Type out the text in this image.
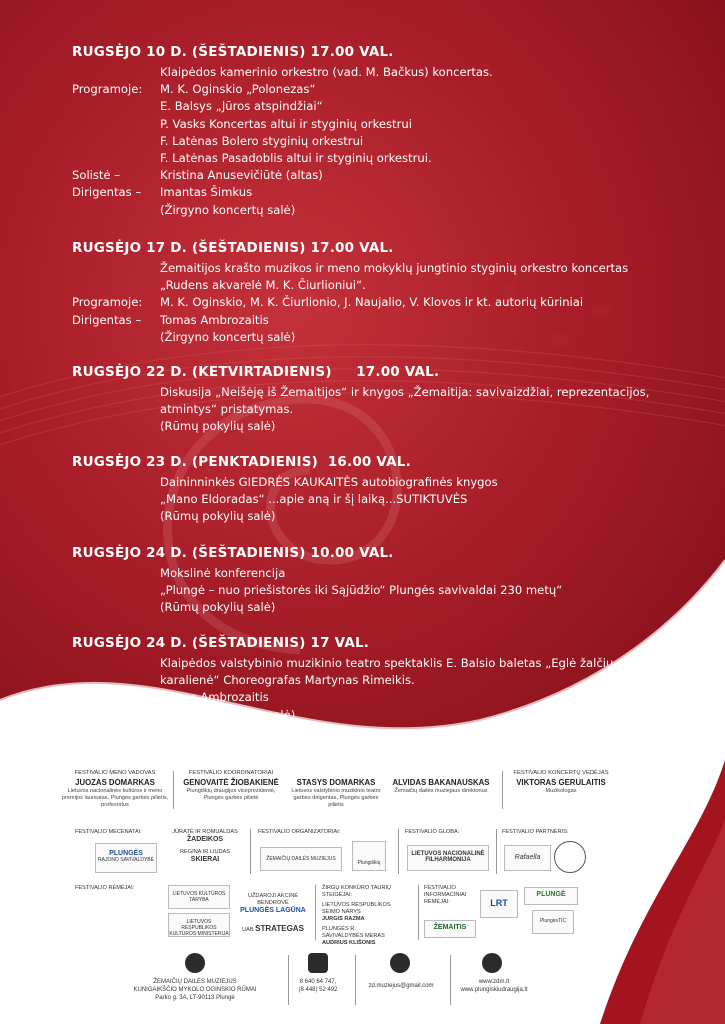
RUGSĖJO 10 D. (ŠEŠTADIENIS) 17.00 VAL.
Klaipėdos kamerinio orkestro (vad. M. Bačkus) koncertas.
Programoje:	M. K. Oginskio „Polonezas“
E. Balsys „Jūros atspindžiai“
P. Vasks Koncertas altui ir styginių orkestrui
F. Latėnas Bolero styginių orkestrui
F. Latėnas Pasadoblis altui ir styginių orkestrui.
Solistė –	Kristina Anusevičiūtė (altas)
Dirigentas –	Imantas Šimkus
(Žirgyno koncertų salė)
RUGSĖJO 17 D. (ŠEŠTADIENIS) 17.00 VAL.
Žemaitijos krašto muzikos ir meno mokyklų jungtinio styginių orkestro koncertas
„Rudens akvarelė M. K. Čiurlioniui“.
Programoje:	M. K. Oginskio, M. K. Čiurlionio, J. Naujalio, V. Klovos ir kt. autorių kūriniai
Dirigentas –	Tomas Ambrozaitis
(Žirgyno koncertų salė)
RUGSĖJO 22 D. (KETVIRTADIENIS)     17.00 VAL.
Diskusija „Neišėję iš Žemaitijos“ ir knygos „Žemaitija: savivaizdžiai, reprezentacijos,
atmintys“ pristatymas.
(Rūmų pokylių salė)
RUGSĖJO 23 D. (PENKTADIENIS)  16.00 VAL.
Daininninkės GIEDRĖS KAUKAITĖS autobiografinės knygos
„Mano Eldoradas“ ...apie aną ir šį laiką...SUTIKTUVĖS
(Rūmų pokylių salė)
RUGSĖJO 24 D. (ŠEŠTADIENIS) 10.00 VAL.
Mokslinė konferencija
„Plungė – nuo priešistorės iki Sąjūdžio“ Plungės savivaldai 230 metų“
(Rūmų pokylių salė)
RUGSĖJO 24 D. (ŠEŠTADIENIS) 17 VAL.
Klaipėdos valstybinio muzikinio teatro spektaklis E. Balsio baletas „Eglė žalčių
karalienė“ Choreografas Martynas Rimeikis.
Dirigentas –	Tomas Ambrozaitis
(Žirgyno koncertų salė)
FESTIVALIO MENO VADOVAS
JUOZAS DOMARKAS
Lietuvos nacionalinės kultūros ir meno premijos laureatas, Plungės garbės pilietis, profesorius
FESTIVALIO KOORDINATORIAI
GENOVAITĖ ŽIOBAKIENĖ
Plungiškių draugijos viceprezidentė, Plungės garbės pilietė
STASYS DOMARKAS
Lietuvos valstybinio muzikinio teatro garbės dirigentas, Plungės garbės pilietis
ALVIDAS BAKANAUSKAS
Žemaičių dailės muziejaus direktorius
FESTIVALIO KONCERTŲ VEDĖJAS
VIKTORAS GERULAITIS
Muzikologas
FESTIVALIO MECENATAI:
PLUNGĖS
RAJONO SAVIVALDYBĖ
JŪRATĖ IR ROMUALDAS
ŽADEIKOS
REGINA IR LIUDAS
SKIERAI
FESTIVALIO ORGANIZATORIAI:
ŽEMAIČIŲ DAILĖS MUZIEJUS
Plungiškių
FESTIVALIO GLOBA:
LIETUVOS NACIONALINĖ FILHARMONIJA
FESTIVALIO PARTNERIS:
Rafaella
FESTIVALIO RĖMĖJAI:
LIETUVOS KULTŪROS TARYBA
LIETUVOS RESPUBLIKOS KULTŪROS MINISTERIJA
UŽDAROJI AKCINĖ BENDROVĖ
PLUNGĖS LAGŪNA
UAB STRATEGAS
ŽIRGŲ KONKŪRO TAURIŲ STEIGĖJAI:
LIETUVOS RESPUBLIKOS SEIMO NARYS
JURGIS RAZMA
PLUNGĖS R. SAVIVALDYBĖS MERAS
AUDRIUS KLIŠONIS
FESTIVALIO INFORMACINIAI RĖMĖJAI:
ŽEMAITIS
LRT
PLUNGĖ
PlungėsTIC
ŽEMAIČIŲ DAILĖS MUZIEJUS
KUNIGAIKŠČIO MYKOLO OGINSKIO RŪMAI
Parko g. 3A, LT-90113 Plungė
8 640 64 747,
(8 448) 52 492
zd.muziejus@gmail.com
www.zdm.lt
www.plungiskiudraugija.lt
